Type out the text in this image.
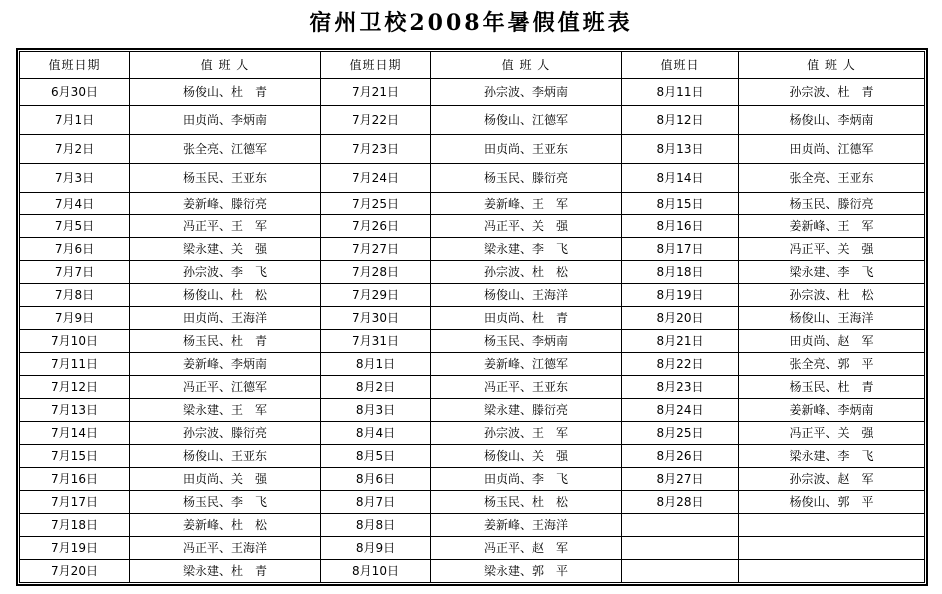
宿州卫校2008年暑假值班表
值班日期	值 班 人	值班日期	值 班 人	值班日	值 班 人
6月30日	杨俊山、杜　青	7月21日	孙宗波、李炳南	8月11日	孙宗波、杜　青
7月1日	田贞尚、李炳南	7月22日	杨俊山、江德军	8月12日	杨俊山、李炳南
7月2日	张全亮、江德军	7月23日	田贞尚、王亚东	8月13日	田贞尚、江德军
7月3日	杨玉民、王亚东	7月24日	杨玉民、滕衍亮	8月14日	张全亮、王亚东
7月4日	姜新峰、滕衍亮	7月25日	姜新峰、王　军	8月15日	杨玉民、滕衍亮
7月5日	冯正平、王　军	7月26日	冯正平、关　强	8月16日	姜新峰、王　军
7月6日	梁永建、关　强	7月27日	梁永建、李　飞	8月17日	冯正平、关　强
7月7日	孙宗波、李　飞	7月28日	孙宗波、杜　松	8月18日	梁永建、李　飞
7月8日	杨俊山、杜　松	7月29日	杨俊山、王海洋	8月19日	孙宗波、杜　松
7月9日	田贞尚、王海洋	7月30日	田贞尚、杜　青	8月20日	杨俊山、王海洋
7月10日	杨玉民、杜　青	7月31日	杨玉民、李炳南	8月21日	田贞尚、赵　军
7月11日	姜新峰、李炳南	8月1日	姜新峰、江德军	8月22日	张全亮、郭　平
7月12日	冯正平、江德军	8月2日	冯正平、王亚东	8月23日	杨玉民、杜　青
7月13日	梁永建、王　军	8月3日	梁永建、滕衍亮	8月24日	姜新峰、李炳南
7月14日	孙宗波、滕衍亮	8月4日	孙宗波、王　军	8月25日	冯正平、关　强
7月15日	杨俊山、王亚东	8月5日	杨俊山、关　强	8月26日	梁永建、李　飞
7月16日	田贞尚、关　强	8月6日	田贞尚、李　飞	8月27日	孙宗波、赵　军
7月17日	杨玉民、李　飞	8月7日	杨玉民、杜　松	8月28日	杨俊山、郭　平
7月18日	姜新峰、杜　松	8月8日	姜新峰、王海洋		
7月19日	冯正平、王海洋	8月9日	冯正平、赵　军		
7月20日	梁永建、杜　青	8月10日	梁永建、郭　平		
